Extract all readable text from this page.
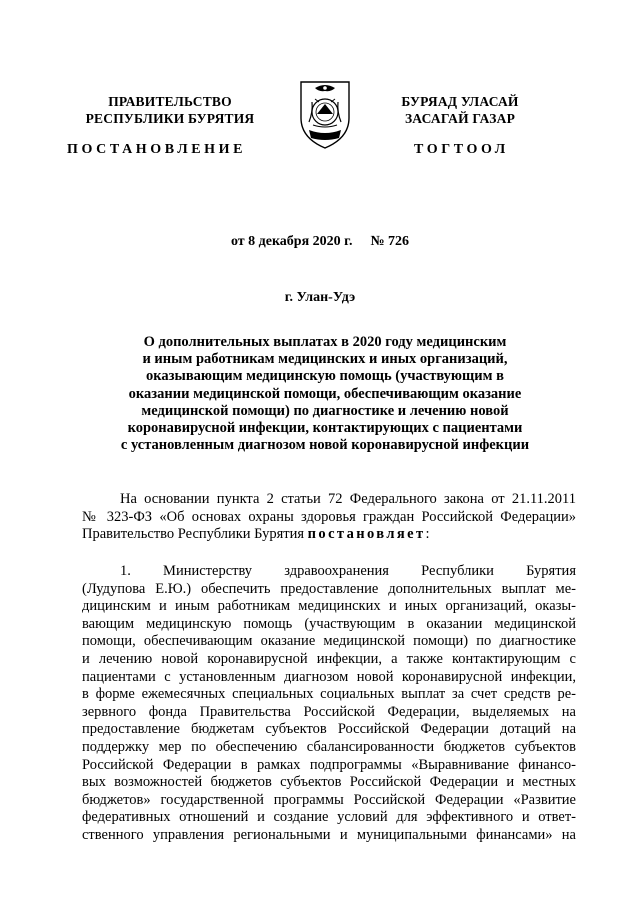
ПРАВИТЕЛЬСТВО
РЕСПУБЛИКИ БУРЯТИЯ
БУРЯАД УЛАСАЙ
ЗАСАГАЙ ГАЗАР
ПОСТАНОВЛЕНИЕ	ТОГТООЛ
от 8 декабря 2020 г. № 726
г. Улан-Удэ
О дополнительных выплатах в 2020 году медицинским
и иным работникам медицинских и иных организаций,
оказывающим медицинскую помощь (участвующим в
оказании медицинской помощи, обеспечивающим оказание
медицинской помощи) по диагностике и лечению новой
коронавирусной инфекции, контактирующих с пациентами
с установленным диагнозом новой коронавирусной инфекции
На основании пункта 2 статьи 72 Федерального закона от 21.11.2011
№ 323-ФЗ «Об основах охраны здоровья граждан Российской Федерации»
Правительство Республики Бурятия постановляет:
1. Министерству здравоохранения Республики Бурятия
(Лудупова Е.Ю.) обеспечить предоставление дополнительных выплат ме-
дицинским и иным работникам медицинских и иных организаций, оказы-
вающим медицинскую помощь (участвующим в оказании медицинской
помощи, обеспечивающим оказание медицинской помощи) по диагностике
и лечению новой коронавирусной инфекции, а также контактирующим с
пациентами с установленным диагнозом новой коронавирусной инфекции,
в форме ежемесячных специальных социальных выплат за счет средств ре-
зервного фонда Правительства Российской Федерации, выделяемых на
предоставление бюджетам субъектов Российской Федерации дотаций на
поддержку мер по обеспечению сбалансированности бюджетов субъектов
Российской Федерации в рамках подпрограммы «Выравнивание финансо-
вых возможностей бюджетов субъектов Российской Федерации и местных
бюджетов» государственной программы Российской Федерации «Развитие
федеративных отношений и создание условий для эффективного и ответ-
ственного управления региональными и муниципальными финансами» на
